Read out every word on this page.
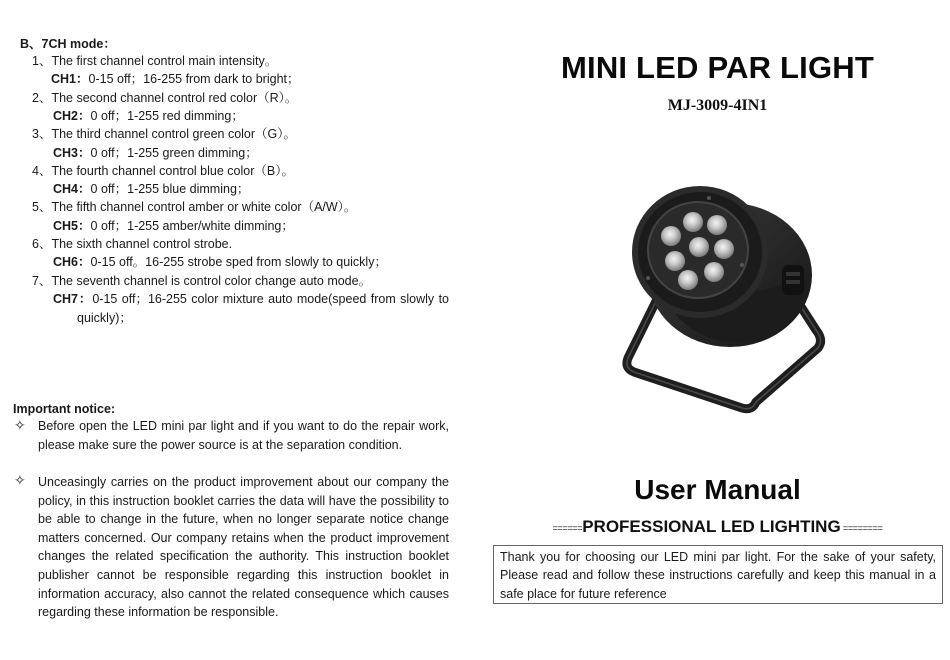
B、7CH mode：
1、The first channel control main intensity。
CH1：0-15 off；16-255 from dark to bright；
2、The second channel control red color（R）。
CH2：0 off；1-255 red dimming；
3、The third channel control green color（G）。
CH3：0 off；1-255 green dimming；
4、The fourth channel control blue color（B）。
CH4：0 off；1-255 blue dimming；
5、The fifth channel control amber or white color（A/W）。
CH5：0 off；1-255 amber/white dimming；
6、The sixth channel control strobe.
CH6：0-15 off。16-255 strobe sped from slowly to quickly；
7、The seventh channel is control color change auto mode。
CH7：0-15 off；16-255 color mixture auto mode(speed from slowly to
quickly)；
Important notice:
✧ Before open the LED mini par light and if you want to do the repair work,
please make sure the power source is at the separation condition.
✧ Unceasingly carries on the product improvement about our company the
policy, in this instruction booklet carries the data will have the possibility to
be able to change in the future, when no longer separate notice change
matters concerned. Our company retains when the product improvement
changes the related specification the authority. This instruction booklet
publisher cannot be responsible regarding this instruction booklet in
information accuracy, also cannot the related consequence which causes
regarding these information be responsible.
MINI LED PAR LIGHT
MJ-3009-4IN1
User Manual
======PROFESSIONAL LED LIGHTING ========
Thank you for choosing our LED mini par light. For the sake of your safety,
Please read and follow these instructions carefully and keep this manual in a
safe place for future reference
